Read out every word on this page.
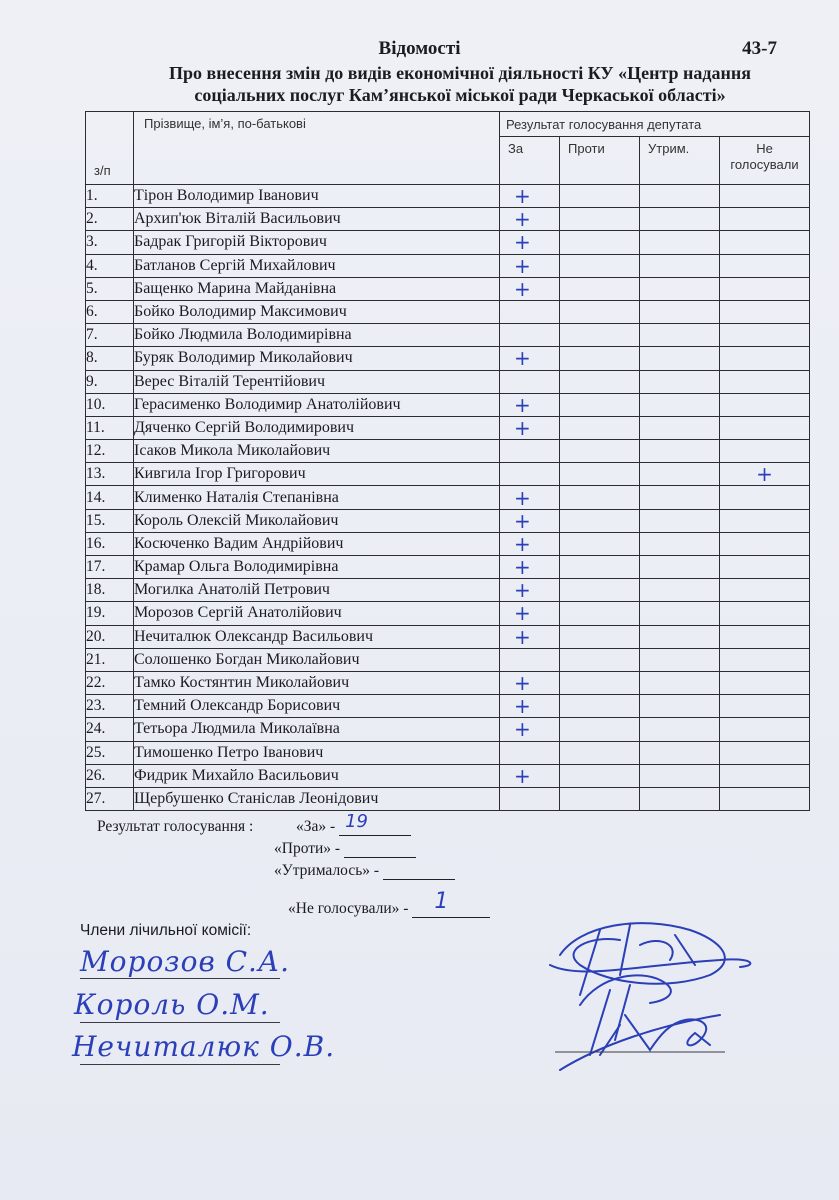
Відомості	43-7
Про внесення змін до видів економічної діяльності КУ «Центр надання
соціальних послуг Кам’янської міської ради Черкаської області»
з/п	Прізвище, ім’я, по-батькові	Результат голосування депутата			
		За	Проти	Утрим.	Не
голосували
1.	Тірон Володимир Іванович	+			

2.	Архип'юк Віталій Васильович	+			

3.	Бадрак Григорій Вікторович	+			

4.	Батланов Сергій Михайлович	+			

5.	Бащенко Марина Майданівна	+			

6.	Бойко Володимир Максимович	

7.	Бойко Людмила Володимирівна	

8.	Буряк Володимир Миколайович	+			

9.	Верес Віталій Терентійович	

10.	Герасименко Володимир Анатолійович	+			

11.	Дяченко Сергій Володимирович	+			

12.	Ісаков Микола Миколайович	

13.	Кивгила Ігор Григорович				+

14.	Клименко Наталія Степанівна	+			

15.	Король Олексій Миколайович	+			

16.	Косюченко Вадим Андрійович	+			

17.	Крамар Ольга Володимирівна	+			

18.	Могилка Анатолій Петрович	+			

19.	Морозов Сергій Анатолійович	+			

20.	Нечиталюк Олександр Васильович	+			

21.	Солошенко Богдан Миколайович	

22.	Тамко Костянтин Миколайович	+			

23.	Темний Олександр Борисович	+			

24.	Тетьора Людмила Миколаївна	+			

25.	Тимошенко Петро Іванович	

26.	Фидрик Михайло Васильович	+			

27.	Щербушенко Станіслав Леонідович	

Результат голосування :	«За» - 19
«Проти» -
«Утрималось» -
«Не голосували» - 1
Члени лічильної комісії:
Морозов С.А.
Король О.М.
Нечиталюк О.В.
